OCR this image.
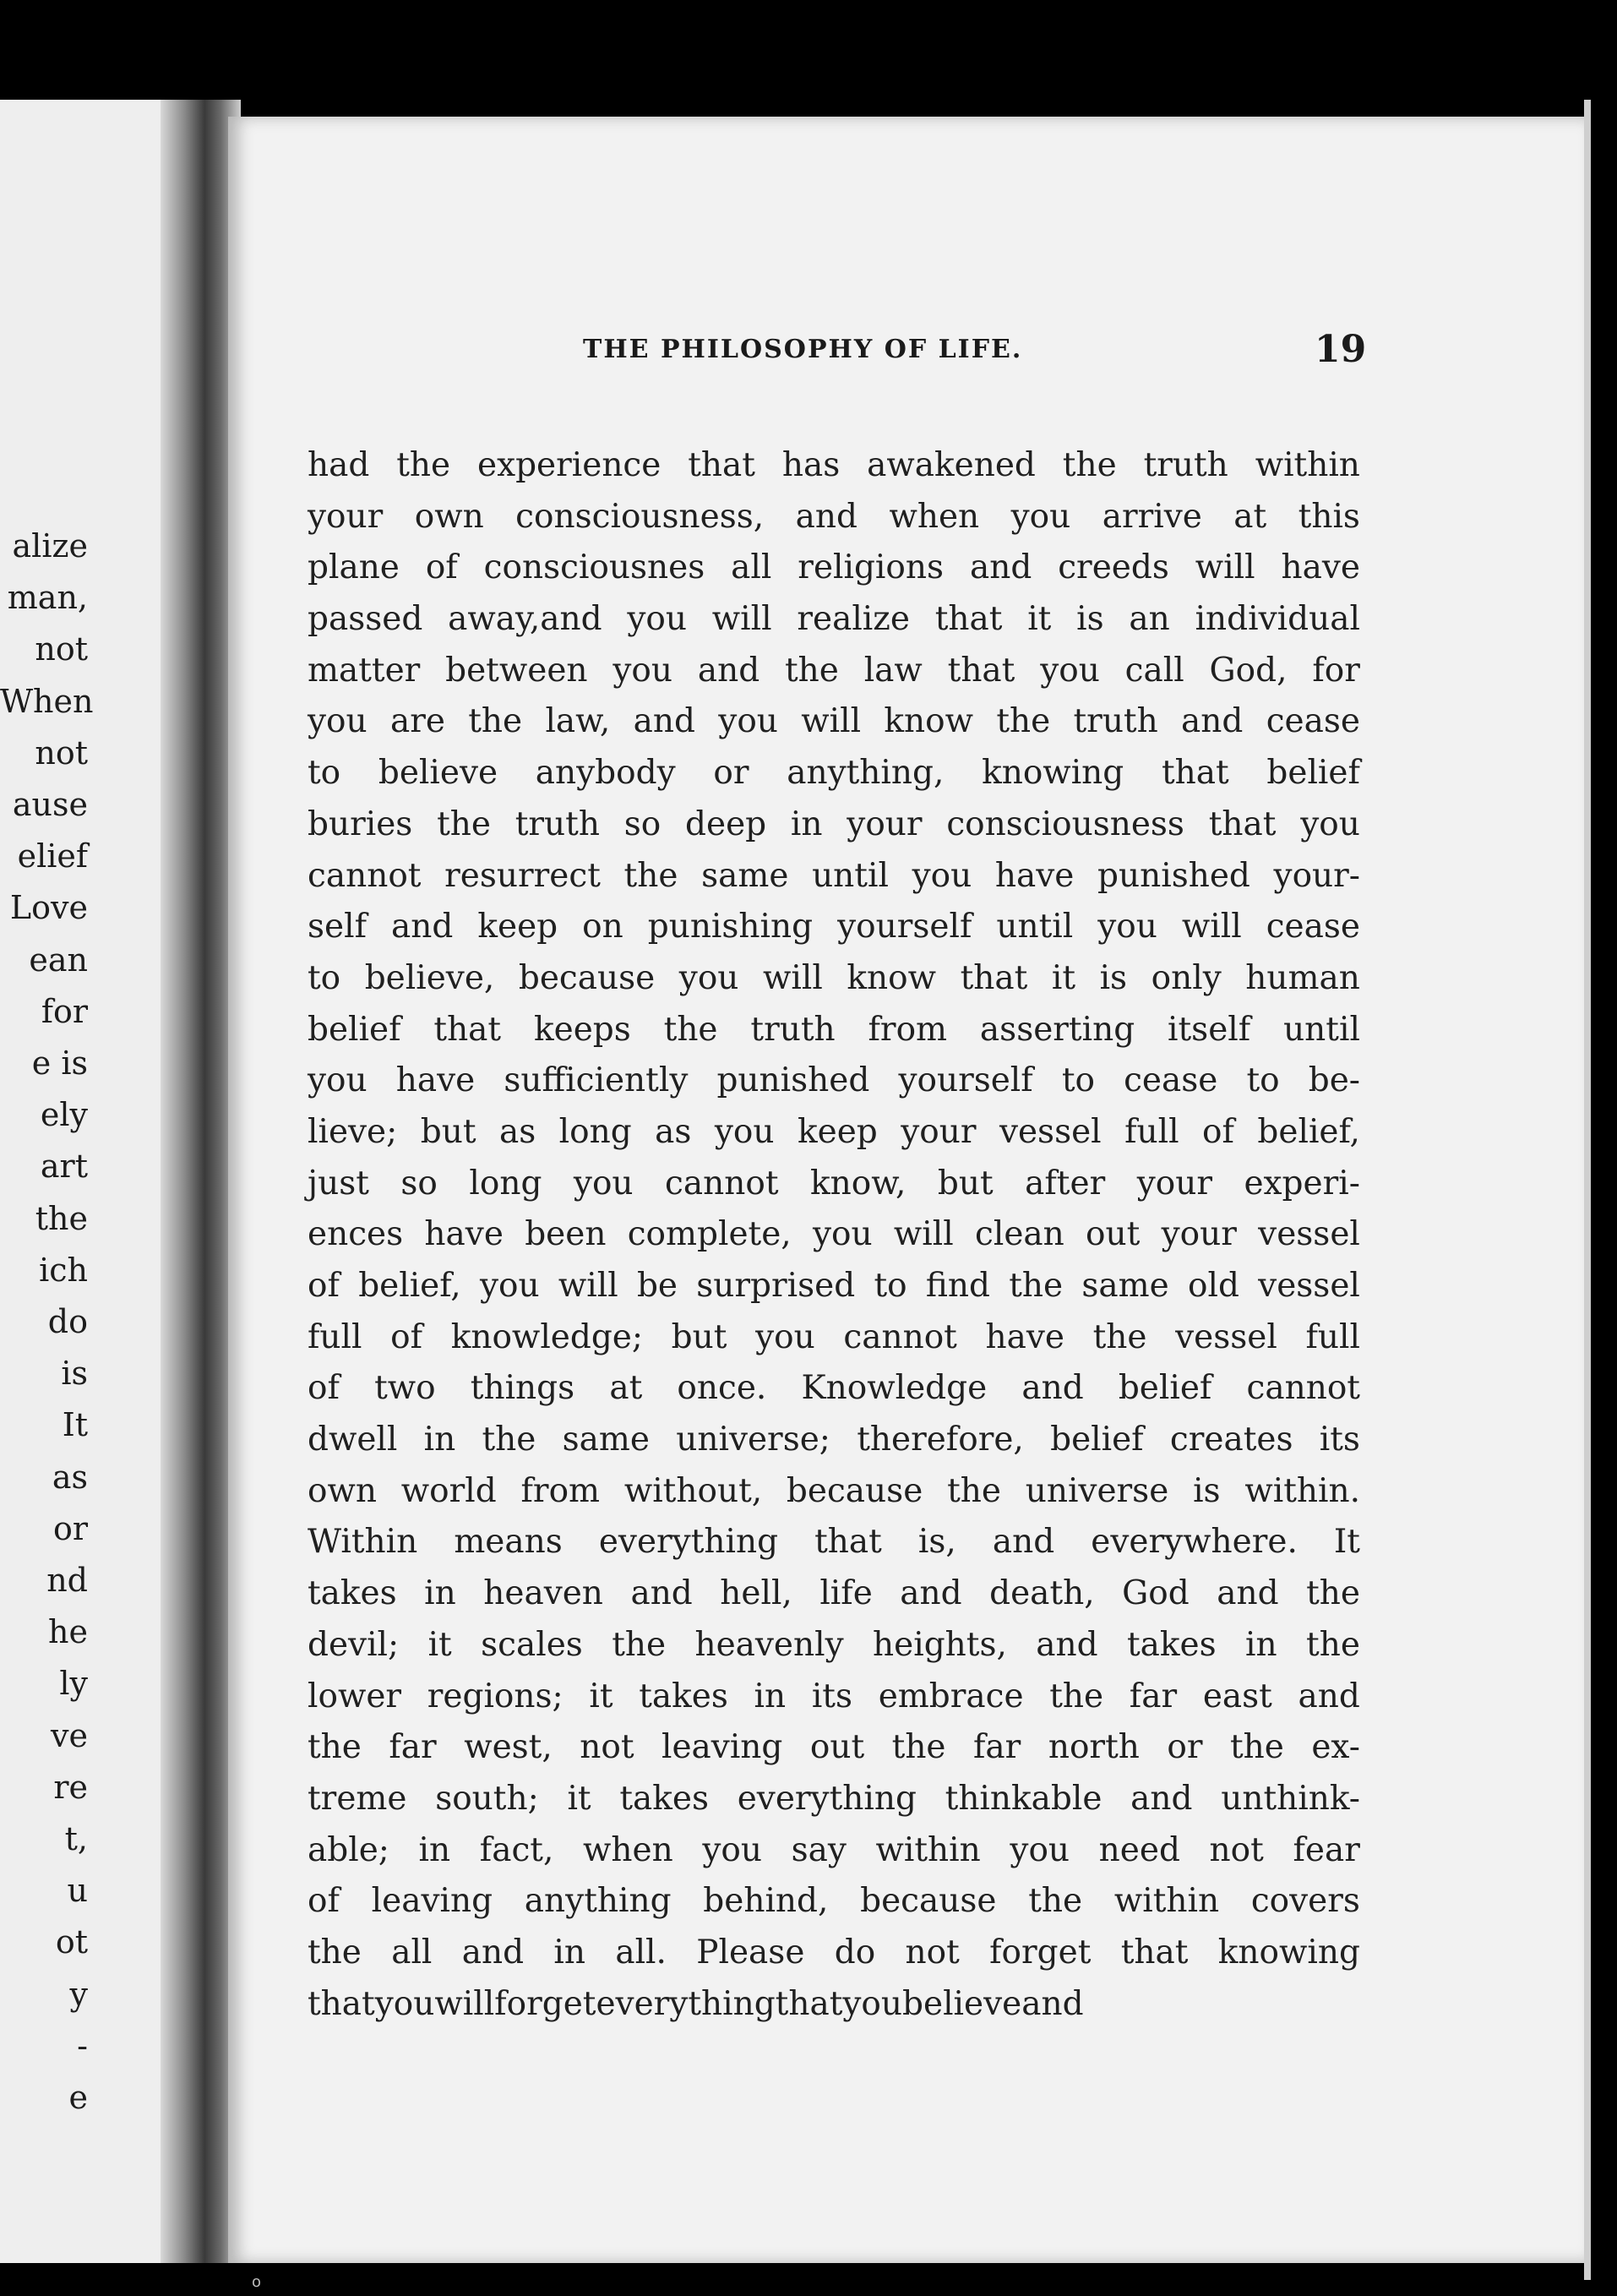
alize
man,
not
When
not
ause
elief
Love
ean
for
e is
ely
art
the
ich
do
is
It
as
or
nd
he
ly
ve
re
t,
u
ot
y
-
e
THE PHILOSOPHY OF LIFE.	19
had the experience that has awakened the truth within
your own consciousness, and when you arrive at this
plane of consciousnes all religions and creeds will have
passed away,and you will realize that it is an individual
matter between you and the law that you call God, for
you are the law, and you will know the truth and cease
to believe anybody or anything, knowing that belief
buries the truth so deep in your consciousness that you
cannot resurrect the same until you have punished your-
self and keep on punishing yourself until you will cease
to believe, because you will know that it is only human
belief that keeps the truth from asserting itself until
you have sufficiently punished yourself to cease to be-
lieve; but as long as you keep your vessel full of belief,
just so long you cannot know, but after your experi-
ences have been complete, you will clean out your vessel
of belief, you will be surprised to find the same old vessel
full of knowledge; but you cannot have the vessel full
of two things at once. Knowledge and belief cannot
dwell in the same universe; therefore, belief creates its
own world from without, because the universe is within.
Within means everything that is, and everywhere. It
takes in heaven and hell, life and death, God and the
devil; it scales the heavenly heights, and takes in the
lower regions; it takes in its embrace the far east and
the far west, not leaving out the far north or the ex-
treme south; it takes everything thinkable and unthink-
able; in fact, when you say within you need not fear
of leaving anything behind, because the within covers
the all and in all. Please do not forget that knowing
that you will forget everything that you believe and
o
